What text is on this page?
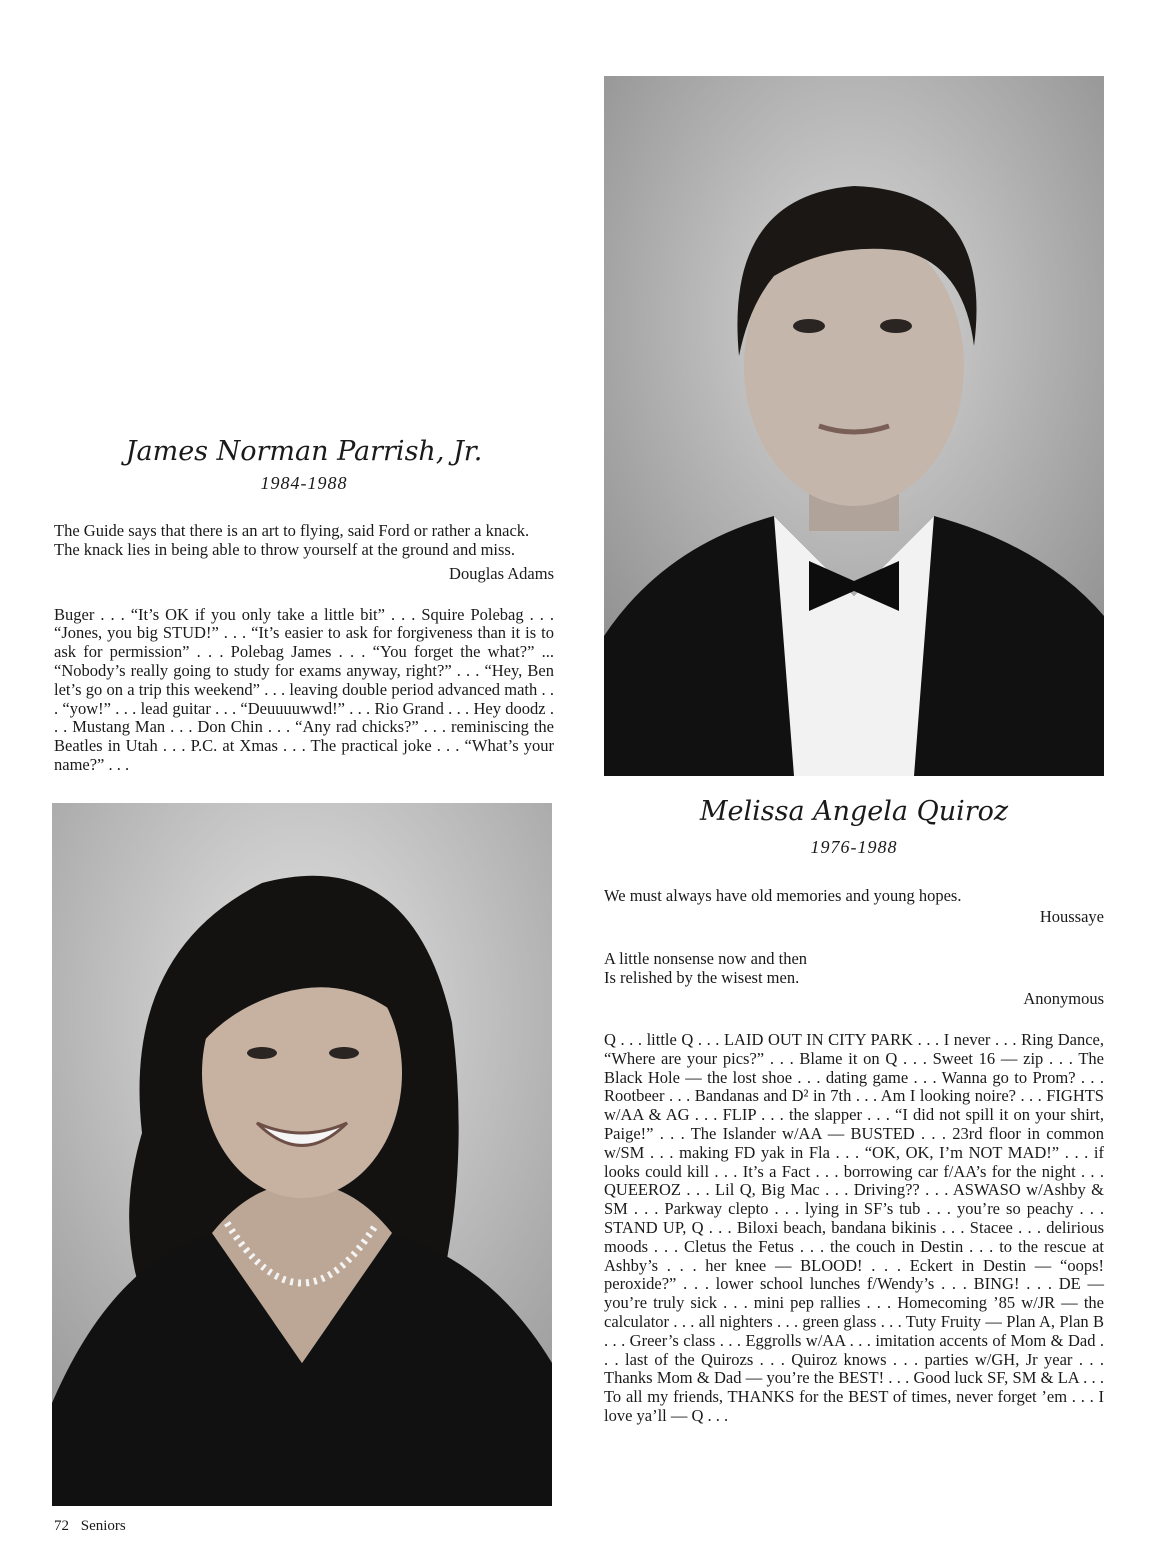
James Norman Parrish, Jr.
1984-1988
The Guide says that there is an art to flying, said Ford or rather a knack. The knack lies in being able to throw yourself at the ground and miss.
Douglas Adams
Buger . . . “It’s OK if you only take a little bit” . . . Squire Polebag . . . “Jones, you big STUD!” . . . “It’s easier to ask for forgiveness than it is to ask for permission” . . . Polebag James . . . “You forget the what?” ... “Nobody’s really going to study for exams anyway, right?” . . . “Hey, Ben let’s go on a trip this weekend” . . . leaving double period advanced math . . . “yow!” . . . lead guitar . . . “Deuuuuwwd!” . . . Rio Grand . . . Hey doodz . . . Mustang Man . . . Don Chin . . . “Any rad chicks?” . . . reminiscing the Beatles in Utah . . . P.C. at Xmas . . . The practical joke . . . “What’s your name?” . . .
Melissa Angela Quiroz
1976-1988
We must always have old memories and young hopes.
Houssaye
A little nonsense now and then
Is relished by the wisest men.
Anonymous
Q . . . little Q . . . LAID OUT IN CITY PARK . . . I never . . . Ring Dance, “Where are your pics?” . . . Blame it on Q . . . Sweet 16 — zip . . . The Black Hole — the lost shoe . . . dating game . . . Wanna go to Prom? . . . Rootbeer . . . Bandanas and D² in 7th . . . Am I looking noire? . . . FIGHTS w/AA & AG . . . FLIP . . . the slapper . . . “I did not spill it on your shirt, Paige!” . . . The Islander w/AA — BUSTED . . . 23rd floor in common w/SM . . . making FD yak in Fla . . . “OK, OK, I’m NOT MAD!” . . . if looks could kill . . . It’s a Fact . . . borrowing car f/AA’s for the night . . . QUEEROZ . . . Lil Q, Big Mac . . . Driving?? . . . ASWASO w/Ashby & SM . . . Parkway clepto . . . lying in SF’s tub . . . you’re so peachy . . . STAND UP, Q . . . Biloxi beach, bandana bikinis . . . Stacee . . . delirious moods . . . Cletus the Fetus . . . the couch in Destin . . . to the rescue at Ashby’s . . . her knee — BLOOD! . . . Eckert in Destin — “oops! peroxide?” . . . lower school lunches f/Wendy’s . . . BING! . . . DE — you’re truly sick . . . mini pep rallies . . . Homecoming ’85 w/JR — the calculator . . . all nighters . . . green glass . . . Tuty Fruity — Plan A, Plan B . . . Greer’s class . . . Eggrolls w/AA . . . imitation accents of Mom & Dad . . . last of the Quirozs . . . Quiroz knows . . . parties w/GH, Jr year . . . Thanks Mom & Dad — you’re the BEST! . . . Good luck SF, SM & LA . . . To all my friends, THANKS for the BEST of times, never forget ’em . . . I love ya’ll — Q . . .
72 Seniors
